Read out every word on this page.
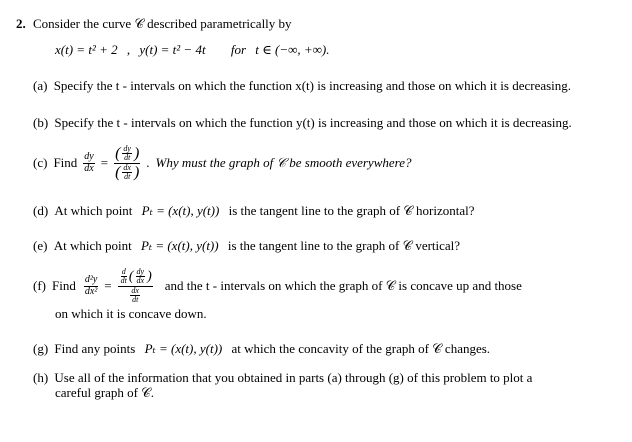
2. Consider the curve 𝒞 described parametrically by
x(t) = t² + 2 , y(t) = t² − 4t for t ∈ (−∞, +∞).
(a) Specify the t - intervals on which the function x(t) is increasing and those on which it is decreasing.
(b) Specify the t - intervals on which the function y(t) is increasing and those on which it is decreasing.
(c) Find $\frac{dy}{dx} = \frac{( \frac{dy}{dt} )}{( \frac{dx}{dt} )}$ . Why must the graph of 𝒞 be smooth everywhere?
(d) At which point Pₜ = (x(t), y(t)) is the tangent line to the graph of 𝒞 horizontal?
(e) At which point Pₜ = (x(t), y(t)) is the tangent line to the graph of 𝒞 vertical?
(f) Find $\frac{\text{d²y}}{\text{dx²}}$ =
$\frac{d}{dt}$ ( $\frac{dy}{dx}$ )
$\frac{dx}{dt}$
and the t - intervals on which the graph of 𝒞 is concave up and those
on which it is concave down.
(g) Find any points Pₜ = (x(t), y(t)) at which the concavity of the graph of 𝒞 changes.
(h) Use all of the information that you obtained in parts (a) through (g) of this problem to plot a
careful graph of 𝒞.
